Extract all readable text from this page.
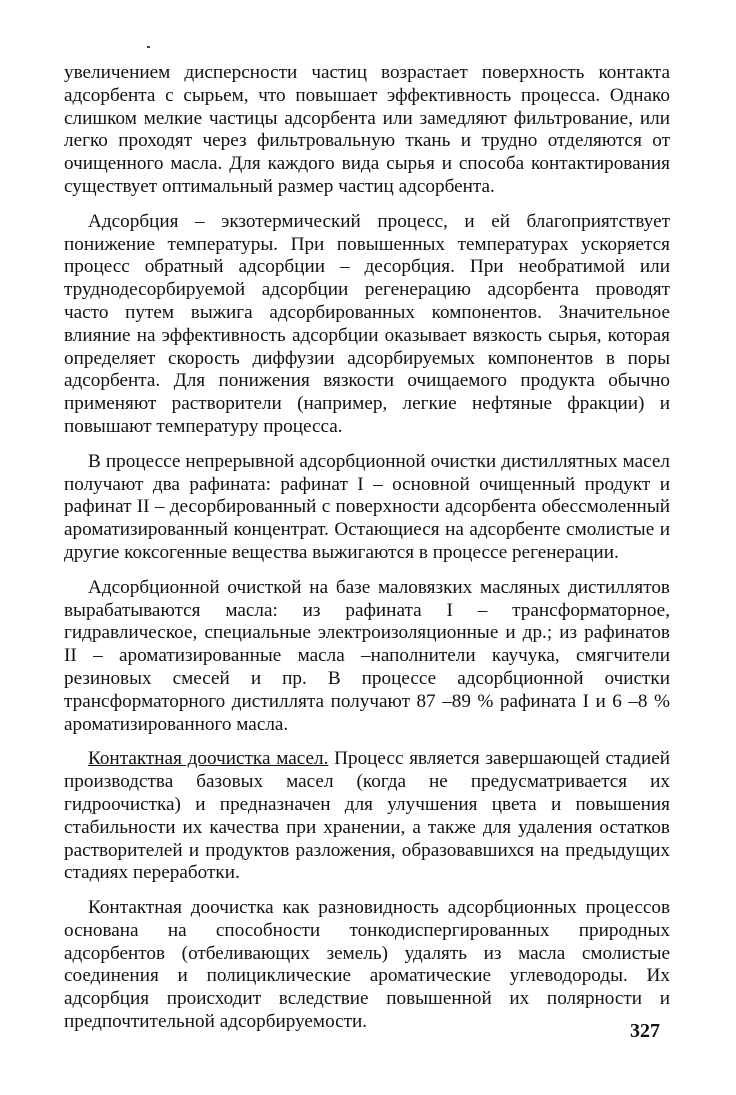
увеличением дисперсности частиц возрастает поверхность контакта адсорбента с сырьем, что повышает эффективность процесса. Однако слишком мелкие частицы адсорбента или замедляют фильтрование, или легко проходят через фильтровальную ткань и трудно отделяются от очищенного масла. Для каждого вида сырья и способа контактирования существует оптимальный размер частиц адсорбента.

Адсорбция – экзотермический процесс, и ей благоприятствует понижение температуры. При повышенных температурах ускоряется процесс обратный адсорбции – десорбция. При необратимой или труднодесорбируемой адсорбции регенерацию адсорбента проводят часто путем выжига адсорбированных компонентов. Значительное влияние на эффективность адсорбции оказывает вязкость сырья, которая определяет скорость диффузии адсорбируемых компонентов в поры адсорбента. Для понижения вязкости очищаемого продукта обычно применяют растворители (например, легкие нефтяные фракции) и повышают температуру процесса.

В процессе непрерывной адсорбционной очистки дистиллятных масел получают два рафината: рафинат I – основной очищенный продукт и рафинат II – десорбированный с поверхности адсорбента обессмоленный ароматизированный концентрат. Остающиеся на адсорбенте смолистые и другие коксогенные вещества выжигаются в процессе регенерации.

Адсорбционной очисткой на базе маловязких масляных дистиллятов вырабатываются масла: из рафината I – трансформаторное, гидравлическое, специальные электроизоляционные и др.; из рафинатов II – ароматизированные масла –наполнители каучука, смягчители резиновых смесей и пр. В процессе адсорбционной очистки трансформаторного дистиллята получают 87 –89 % рафината I и 6 –8 % ароматизированного масла.

Контактная доочистка масел. Процесс является завершающей стадией производства базовых масел (когда не предусматривается их гидроочистка) и предназначен для улучшения цвета и повышения стабильности их качества при хранении, а также для удаления остатков растворителей и продуктов разложения, образовавшихся на предыдущих стадиях переработки.

Контактная доочистка как разновидность адсорбционных процессов основана на способности тонкодиспергированных природных адсорбентов (отбеливающих земель) удалять из масла смолистые соединения и полициклические ароматические углеводороды. Их адсорбция происходит вследствие повышенной их полярности и предпочтительной адсорбируемости.	327
